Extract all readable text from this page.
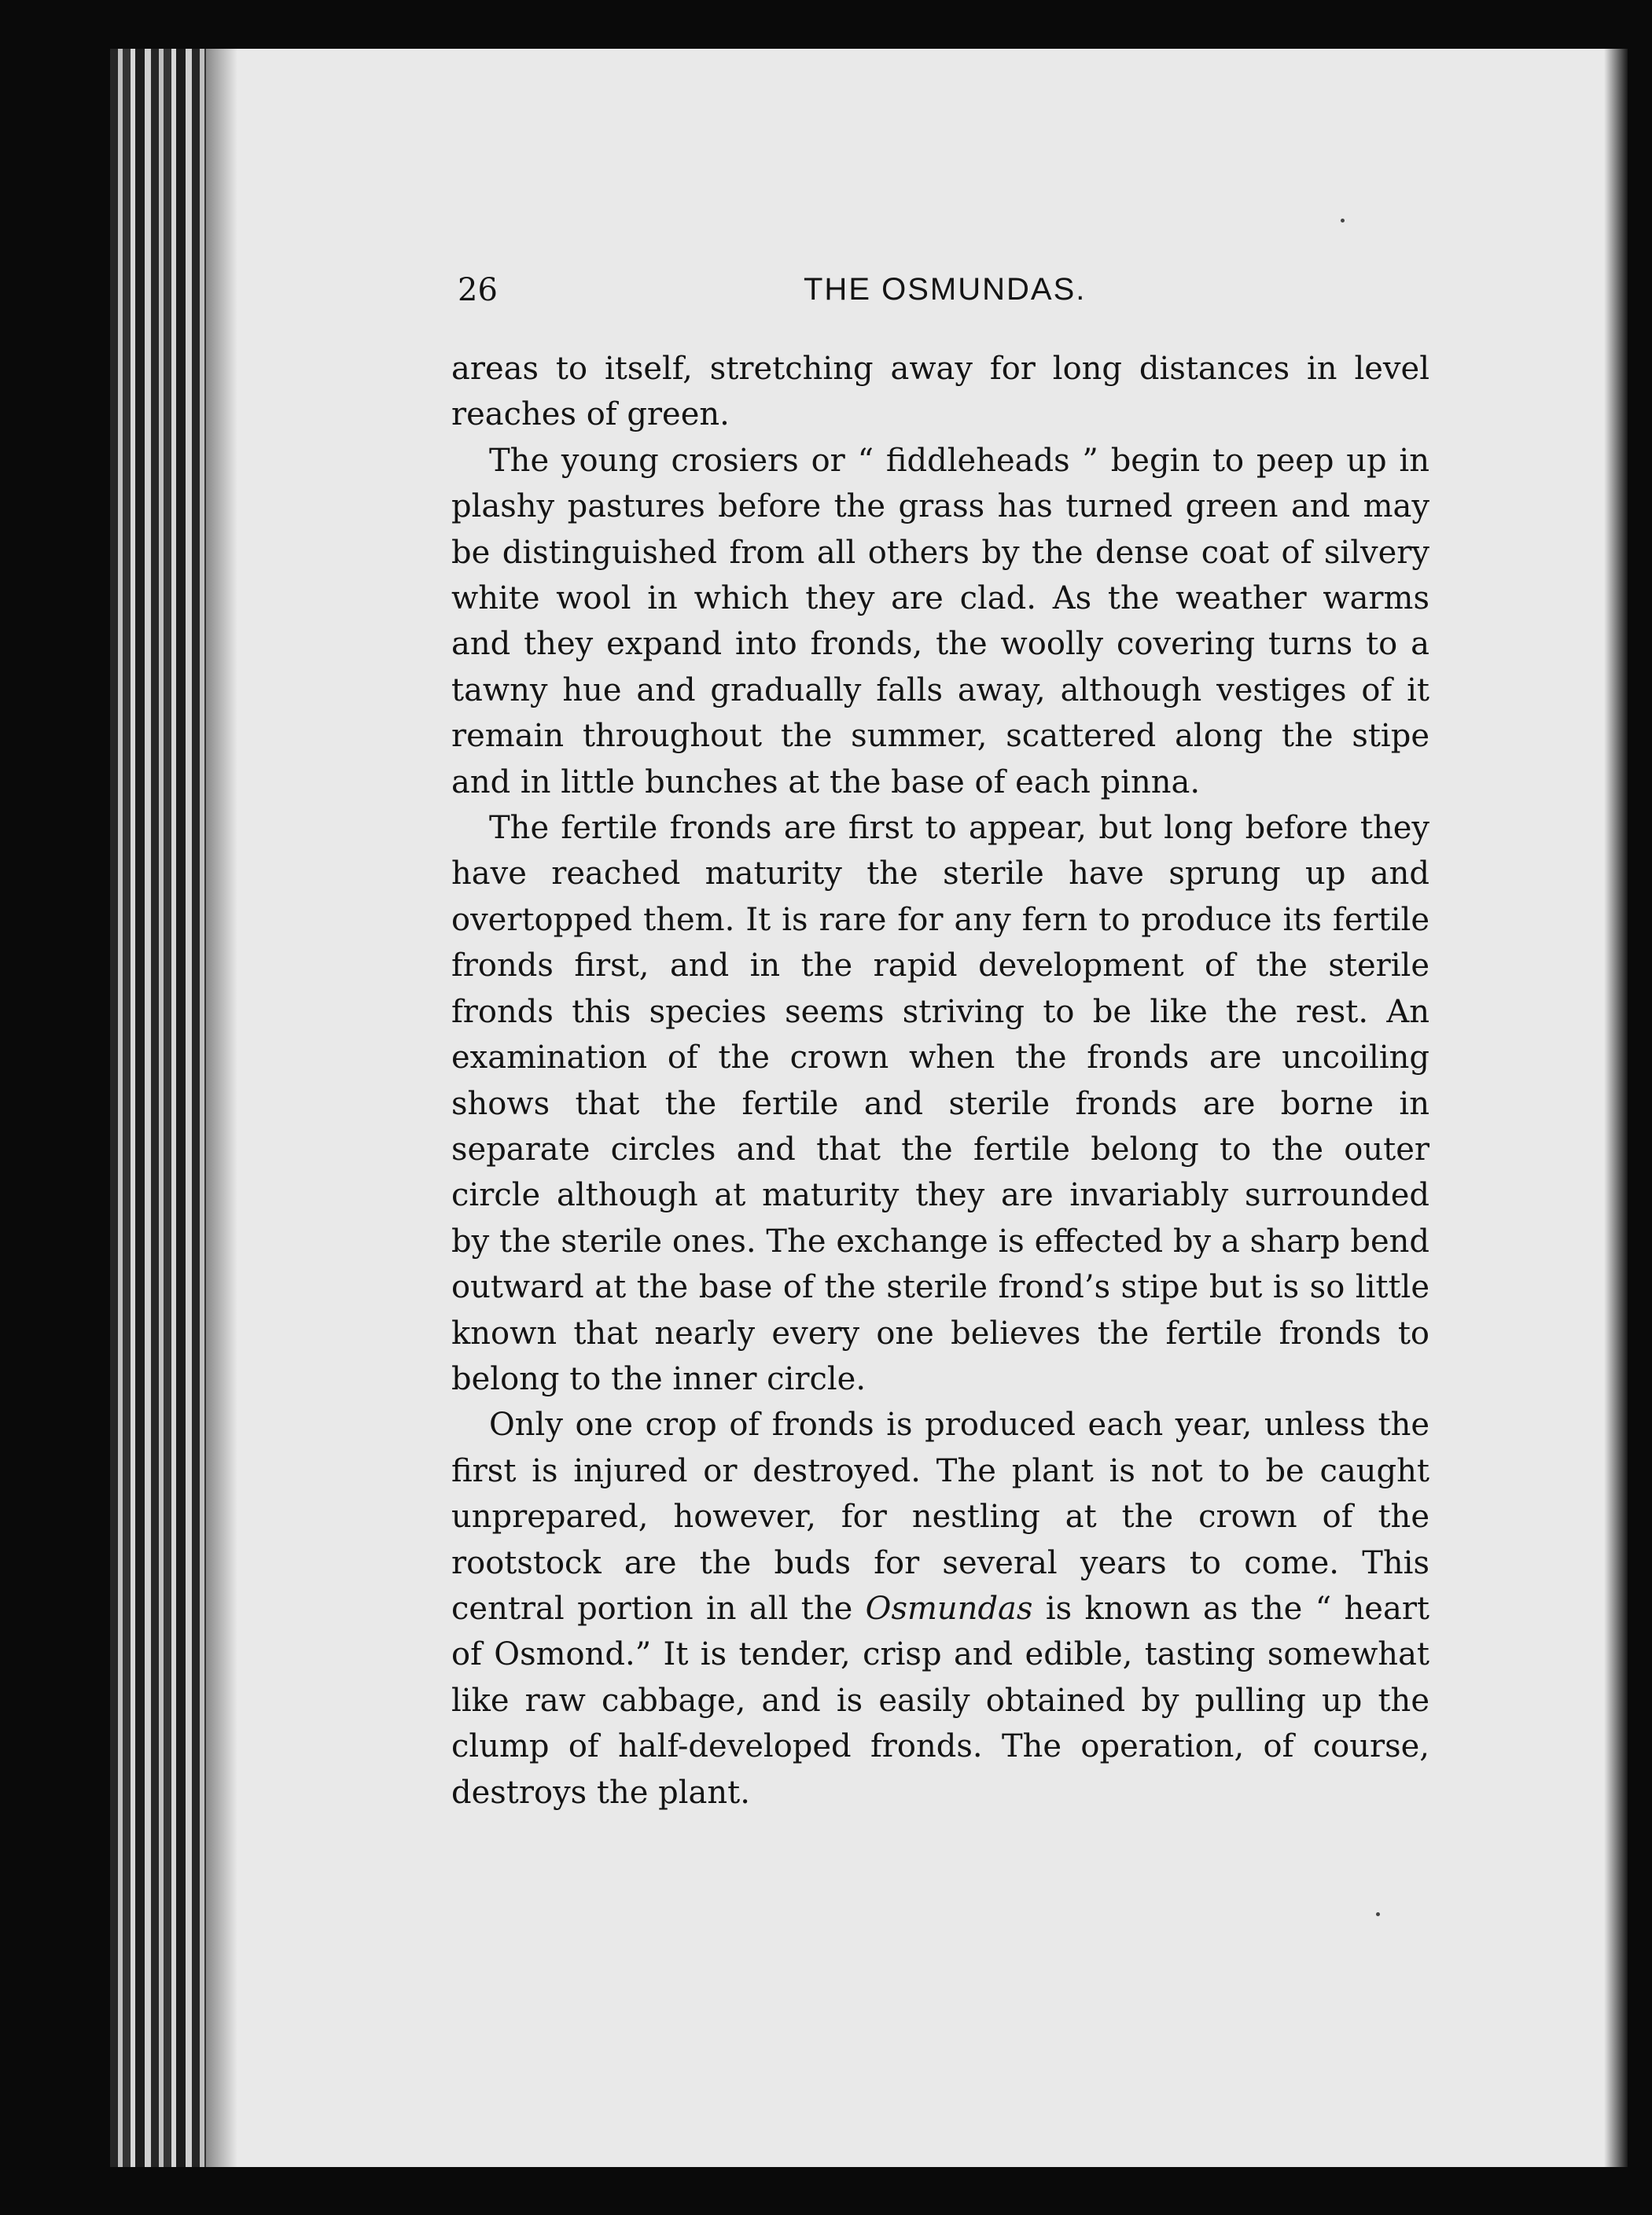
26	THE OSMUNDAS.

areas to itself, stretching away for long distances in level reaches of green.

The young crosiers or “ fiddleheads ” begin to peep up in plashy pastures before the grass has turned green and may be distinguished from all others by the dense coat of silvery white wool in which they are clad. As the weather warms and they expand into fronds, the woolly covering turns to a tawny hue and gradually falls away, although vestiges of it remain throughout the summer, scattered along the stipe and in little bunches at the base of each pinna.

The fertile fronds are first to appear, but long before they have reached maturity the sterile have sprung up and overtopped them. It is rare for any fern to produce its fertile fronds first, and in the rapid development of the sterile fronds this species seems striving to be like the rest. An examination of the crown when the fronds are uncoiling shows that the fertile and sterile fronds are borne in separate circles and that the fertile belong to the outer circle although at maturity they are invariably surrounded by the sterile ones. The exchange is effected by a sharp bend outward at the base of the sterile frond’s stipe but is so little known that nearly every one believes the fertile fronds to belong to the inner circle.

Only one crop of fronds is produced each year, unless the first is injured or destroyed. The plant is not to be caught unprepared, however, for nestling at the crown of the rootstock are the buds for several years to come. This central portion in all the Osmundas is known as the “ heart of Osmond.” It is tender, crisp and edible, tasting somewhat like raw cabbage, and is easily obtained by pulling up the clump of half-developed fronds. The operation, of course, destroys the plant.
